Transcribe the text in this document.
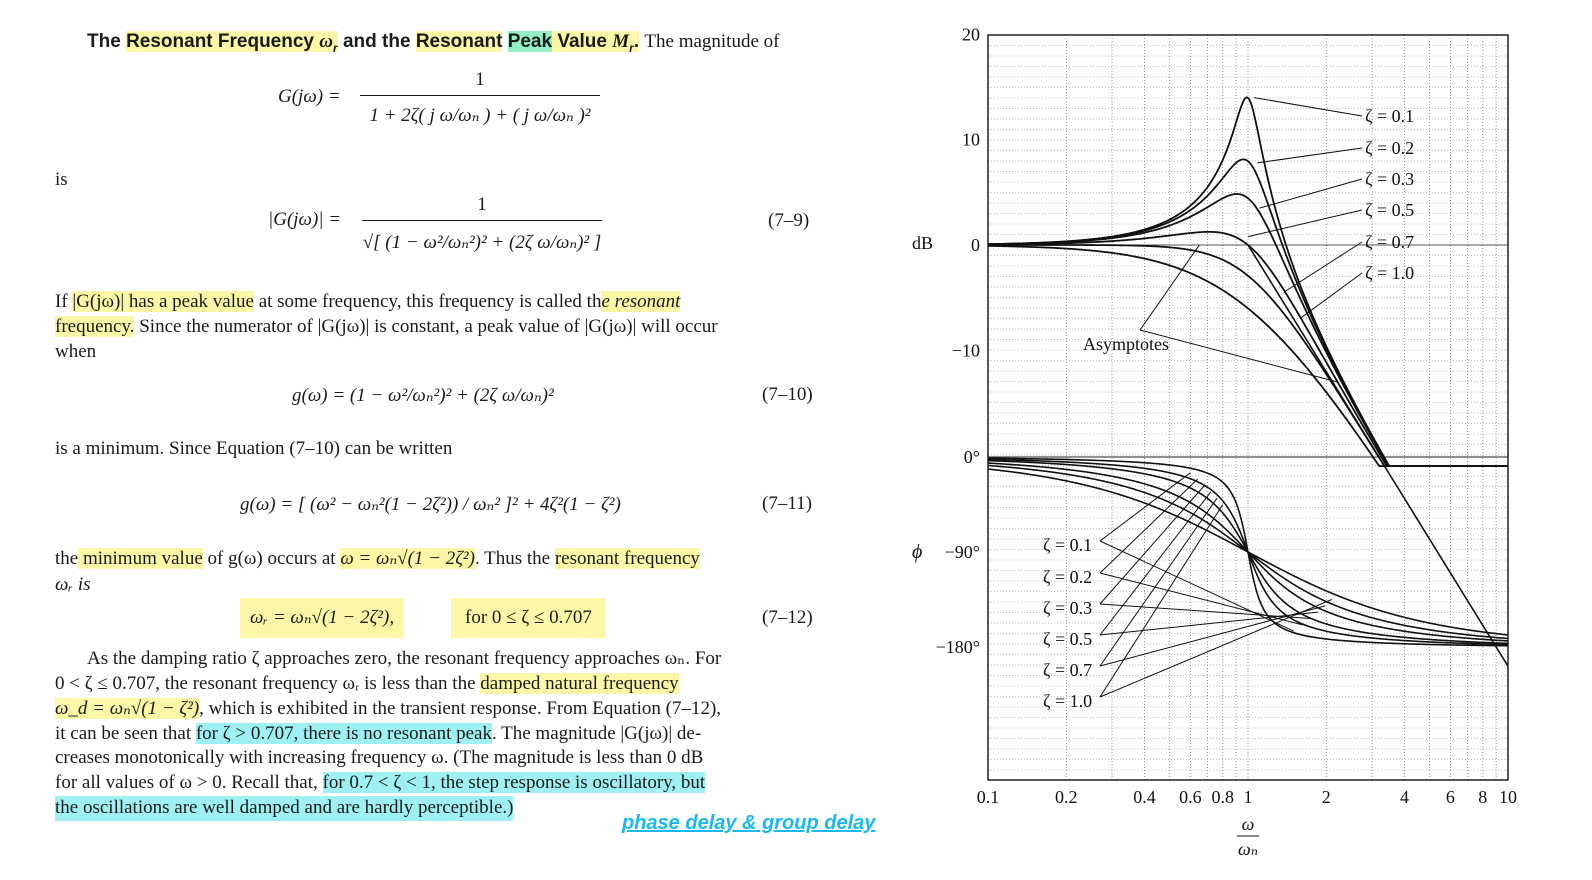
The Resonant Frequency $\omega_r$ and the Resonant Peak Value $M_r$. The magnitude of
$G(j\omega) = \frac{1}{\text{1 + 2ζ( j ω/ωₙ ) + ( j ω/ωₙ )²}}$
is
$|G(j\omega)| = \frac{1}{\text{√[ (1 − ω²/ωₙ²)² + (2ζ ω/ωₙ)² ]}}$	(7–9)
If |G(jω)| has a peak value at some frequency, this frequency is called the resonant
frequency. Since the numerator of |G(jω)| is constant, a peak value of |G(jω)| will occur
when
g(ω) = (1 − ω²/ωₙ²)² + (2ζ ω/ωₙ)²	(7–10)
is a minimum. Since Equation (7–10) can be written
g(ω) = [ (ω² − ωₙ²(1 − 2ζ²)) / ωₙ² ]² + 4ζ²(1 − ζ²)	(7–11)
the minimum value of g(ω) occurs at ω = ωₙ√(1 − 2ζ²). Thus the resonant frequency
ωᵣ is
ωᵣ = ωₙ√(1 − 2ζ²),	for 0 ≤ ζ ≤ 0.707	(7–12)
As the damping ratio ζ approaches zero, the resonant frequency approaches ωₙ. For
0 < ζ ≤ 0.707, the resonant frequency ωᵣ is less than the damped natural frequency
ω_d = ωₙ√(1 − ζ²), which is exhibited in the transient response. From Equation (7–12),
it can be seen that for ζ > 0.707, there is no resonant peak. The magnitude |G(jω)| de-
creases monotonically with increasing frequency ω. (The magnitude is less than 0 dB
for all values of ω > 0. Recall that, for 0.7 < ζ < 1, the step response is oscillatory, but
the oscillations are well damped and are hardly perceptible.)
phase delay & group delay
20
10
0
−10
0°
−90°
−180°
dB
ϕ
0.1	0.2	0.4 0.6 0.8 1	2	4 6 8 10
ω
ωₙ
ζ = 0.1
ζ = 0.2
ζ = 0.3
ζ = 0.5
ζ = 0.7
ζ = 1.0
Asymptotes
ζ = 0.1
ζ = 0.2
ζ = 0.3
ζ = 0.5
ζ = 0.7
ζ = 1.0
